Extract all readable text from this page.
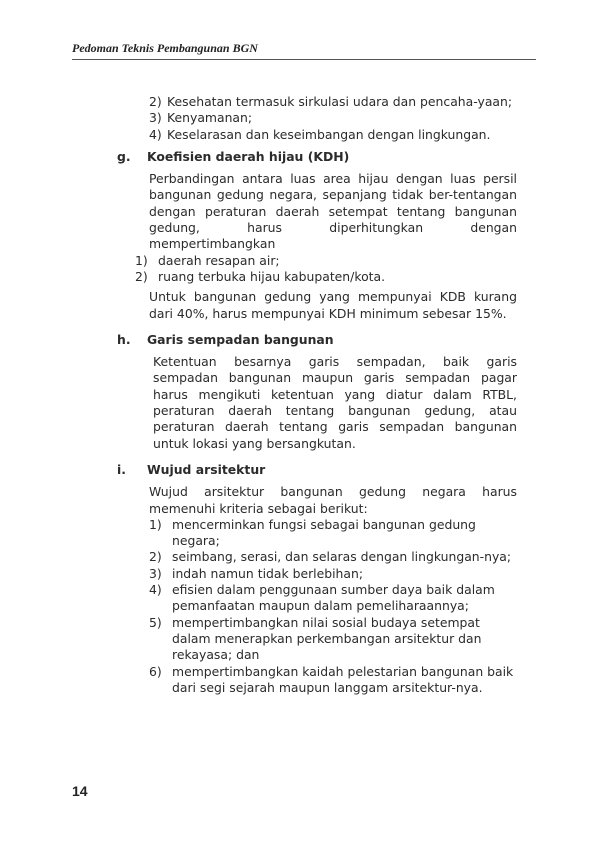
Pedoman Teknis Pembangunan BGN
2) Kesehatan termasuk sirkulasi udara dan pencaha-yaan;
3) Kenyamanan;
4) Keselarasan dan keseimbangan dengan lingkungan.
g.	Koefisien daerah hijau (KDH)
Perbandingan antara luas area hijau dengan luas persil bangunan gedung negara, sepanjang tidak ber-tentangan dengan peraturan daerah setempat tentang bangunan gedung, harus diperhitungkan dengan mempertimbangkan
1) daerah resapan air;
2) ruang terbuka hijau kabupaten/kota.
Untuk bangunan gedung yang mempunyai KDB kurang dari 40%, harus mempunyai KDH minimum sebesar 15%.
h.	Garis sempadan bangunan
Ketentuan besarnya garis sempadan, baik garis sempadan bangunan maupun garis sempadan pagar harus mengikuti ketentuan yang diatur dalam RTBL, peraturan daerah tentang bangunan gedung, atau peraturan daerah tentang garis sempadan bangunan untuk lokasi yang bersangkutan.
i.	Wujud arsitektur
Wujud arsitektur bangunan gedung negara harus memenuhi kriteria sebagai berikut:
1) mencerminkan fungsi sebagai bangunan gedung negara;
2) seimbang, serasi, dan selaras dengan lingkungan-nya;
3) indah namun tidak berlebihan;
4) efisien dalam penggunaan sumber daya baik dalam pemanfaatan maupun dalam pemeliharaannya;
5) mempertimbangkan nilai sosial budaya setempat dalam menerapkan perkembangan arsitektur dan rekayasa; dan
6) mempertimbangkan kaidah pelestarian bangunan baik dari segi sejarah maupun langgam arsitektur-nya.
14
